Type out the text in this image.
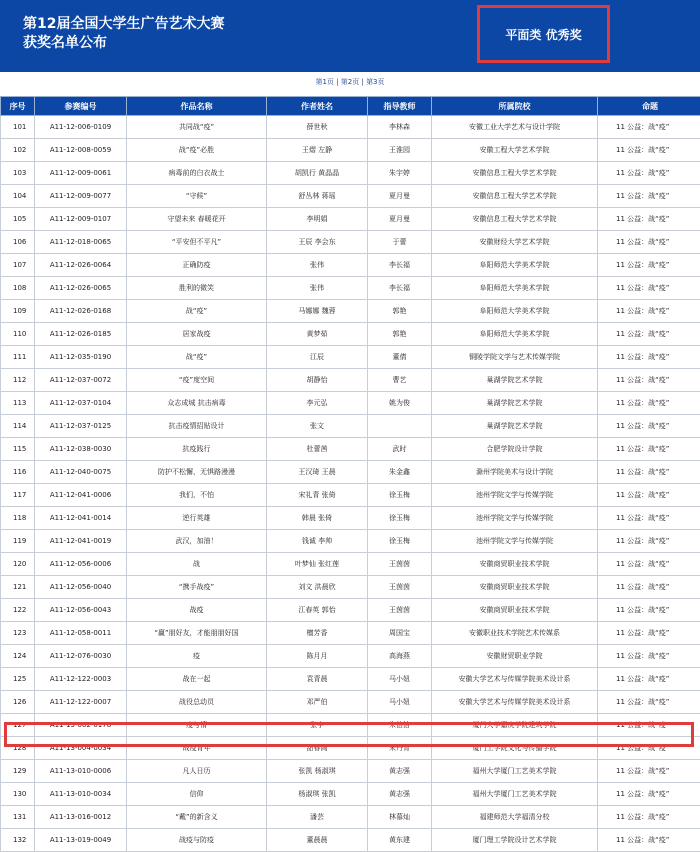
第12届全国大学生广告艺术大赛
获奖名单公布
平面类 优秀奖
第1页 | 第2页 | 第3页
序号	参赛编号	作品名称	作者姓名	指导教师	所属院校	命题
101	A11-12-006-0109	共同战“疫”	薛世秋	李林森	安徽工业大学艺术与设计学院	11 公益：战“疫”
102	A11-12-008-0059	战“疫”必胜	王熠 左静	王淮园	安徽工程大学艺术学院	11 公益：战“疫”
103	A11-12-009-0061	病毒前的白衣战士	胡凯行 黄晶晶	朱宇婷	安徽信息工程大学艺术学院	11 公益：战“疫”
104	A11-12-009-0077	“守候”	舒丛林 蒋瑶	夏月曼	安徽信息工程大学艺术学院	11 公益：战“疫”
105	A11-12-009-0107	守望未来 春暖花开	李明娟	夏月曼	安徽信息工程大学艺术学院	11 公益：战“疫”
106	A11-12-018-0065	“平安但不平凡”	王辰 李会东	于蕾	安徽财经大学艺术学院	11 公益：战“疫”
107	A11-12-026-0064	正确防疫	张伟	李长福	阜阳师范大学美术学院	11 公益：战“疫”
108	A11-12-026-0065	胜利的微笑	张伟	李长福	阜阳师范大学美术学院	11 公益：战“疫”
109	A11-12-026-0168	战“疫”	马娜娜 魏蓉	郭艳	阜阳师范大学美术学院	11 公益：战“疫”
110	A11-12-026-0185	居家战疫	黄梦茹	郭艳	阜阳师范大学美术学院	11 公益：战“疫”
111	A11-12-035-0190	战“疫”	江辰	董倩	铜陵学院文学与艺术传媒学院	11 公益：战“疫”
112	A11-12-037-0072	“疫”度空间	胡静怡	曹艺	巢湖学院艺术学院	11 公益：战“疫”
113	A11-12-037-0104	众志成城 抗击病毒	李元弘	姚为俊	巢湖学院艺术学院	11 公益：战“疫”
114	A11-12-037-0125	抗击疫情招贴设计	张文		巢湖学院艺术学院	11 公益：战“疫”
115	A11-12-038-0030	抗疫践行	杜蕾茜	武时	合肥学院设计学院	11 公益：战“疫”
116	A11-12-040-0075	防护不松懈，无惧路漫漫	王汉琦 王晨	朱金鑫	滁州学院美术与设计学院	11 公益：战“疫”
117	A11-12-041-0006	我们，不怕	宋礼青 张倚	徐玉梅	池州学院文学与传媒学院	11 公益：战“疫”
118	A11-12-041-0014	逆行英雄	韩晨 张倚	徐玉梅	池州学院文学与传媒学院	11 公益：战“疫”
119	A11-12-041-0019	武汉，加油！	钱诚 李帅	徐玉梅	池州学院文学与传媒学院	11 公益：战“疫”
120	A11-12-056-0006	战	叶梦仙 张红莲	王茵茵	安徽商贸职业技术学院	11 公益：战“疫”
121	A11-12-056-0040	“携手战疫”	刘文 洪晨欣	王茵茵	安徽商贸职业技术学院	11 公益：战“疫”
122	A11-12-056-0043	战疫	江春英 郭怡	王茵茵	安徽商贸职业技术学院	11 公益：战“疫”
123	A11-12-058-0011	“赢”朋好友，才能朋朋好国	檀芳香	周国宝	安徽职业技术学院艺术传媒系	11 公益：战“疫”
124	A11-12-076-0030	疫	陈月月	高海燕	安徽财贸职业学院	11 公益：战“疫”
125	A11-12-122-0003	战在一起	袁青晨	马小妞	安徽大学艺术与传媒学院美术设计系	11 公益：战“疫”
126	A11-12-122-0007	战役总动员	邓严伯	马小妞	安徽大学艺术与传媒学院美术设计系	11 公益：战“疫”
127	A11-13-002-0178	疫与情	张宇	朱信洁	厦门大学嘉庚学院建筑学院	11 公益：战“疫”
128	A11-13-004-0034	战疫青年	甜春阁	朱丹青	厦门工学院文化与传播学院	11 公益：战“疫”
129	A11-13-010-0006	凡人日历	张凯 杨淑琪	黄志强	福州大学厦门工艺美术学院	11 公益：战“疫”
130	A11-13-010-0034	信仰	杨淑琪 张凯	黄志强	福州大学厦门工艺美术学院	11 公益：战“疫”
131	A11-13-016-0012	“戴”的新含义	潘芸	林慕灿	福建师范大学福清分校	11 公益：战“疫”
132	A11-13-019-0049	战疫与防疫	董晨晨	黄东建	厦门理工学院设计艺术学院	11 公益：战“疫”
